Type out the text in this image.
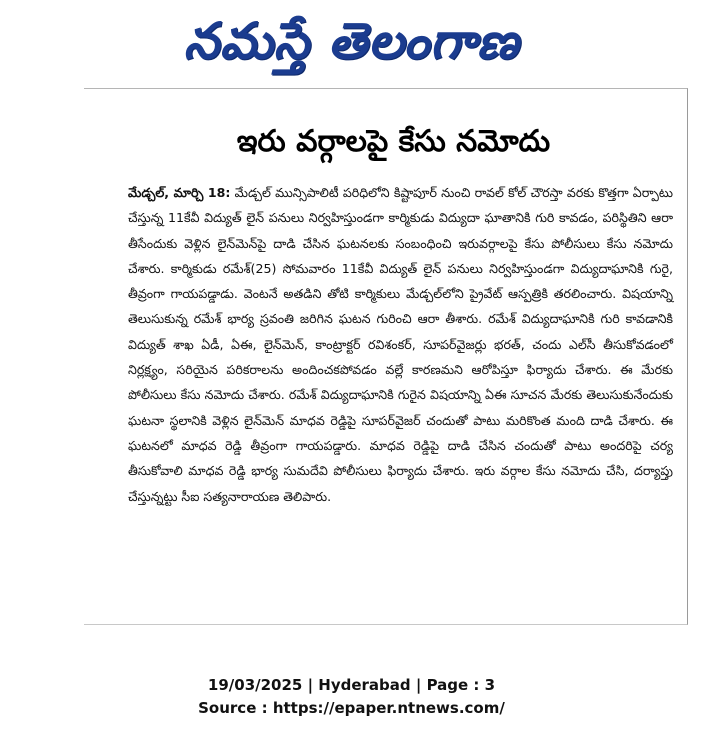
నమస్తే తెలంగాణ
ఇరు వర్గాలపై కేసు నమోదు
మేడ్చల్, మార్చి 18: మేడ్చల్ మున్సిపాలిటీ పరిధిలోని కిష్టాపూర్ నుంచి రావల్ కోల్ చౌరస్తా వరకు కొత్తగా ఏర్పాటు చేస్తున్న 11కేవీ విద్యుత్ లైన్ పనులు నిర్వహిస్తుండగా కార్మికుడు విద్యుదా ఘాతానికి గురి కావడం, పరిస్థితిని ఆరా తీసేందుకు వెళ్లిన లైన్‌మెన్‌పై దాడి చేసిన ఘటనలకు సంబంధించి ఇరువర్గాలపై కేసు పోలీసులు కేసు నమోదు చేశారు. కార్మికుడు రమేశ్(25) సోమవారం 11కేవీ విద్యుత్ లైన్ పనులు నిర్వహిస్తుండగా విద్యుదాఘానికి గురై, తీవ్రంగా గాయపడ్డాడు. వెంటనే అతడిని తోటి కార్మికులు మేడ్చల్‌లోని ప్రైవేట్ ఆస్పత్రికి తరలించారు. విషయాన్ని తెలుసుకున్న రమేశ్ భార్య స్రవంతి జరిగిన ఘటన గురించి ఆరా తీశారు. రమేశ్ విద్యుదాఘానికి గురి కావడానికి విద్యుత్ శాఖ ఏడీ, ఏఈ, లైన్‌మెన్, కాంట్రాక్టర్ రవిశంకర్, సూపర్‌వైజర్లు భరత్, చందు ఎల్‌సీ తీసుకోవడంలో నిర్లక్ష్యం, సరియైన పరికరాలను అందించకపోవడం వల్లే కారణమని ఆరోపిస్తూ ఫిర్యాదు చేశారు. ఈ మేరకు పోలీసులు కేసు నమోదు చేశారు. రమేశ్ విద్యుదాఘానికి గురైన విషయాన్ని ఏఈ సూచన మేరకు తెలుసుకునేందుకు ఘటనా స్థలానికి వెళ్లిన లైన్‌మెన్ మాధవ రెడ్డిపై సూపర్‌వైజర్ చందుతో పాటు మరికొంత మంది దాడి చేశారు. ఈ ఘటనలో మాధవ రెడ్డి తీవ్రంగా గాయపడ్డారు. మాధవ రెడ్డిపై దాడి చేసిన చందుతో పాటు అందరిపై చర్య తీసుకోవాలి మాధవ రెడ్డి భార్య సుమదేవి పోలీసులు ఫిర్యాదు చేశారు. ఇరు వర్గాల కేసు నమోదు చేసి, దర్యాప్తు చేస్తున్నట్టు సీఐ సత్యనారాయణ తెలిపారు.
19/03/2025 | Hyderabad | Page : 3
Source : https://epaper.ntnews.com/
